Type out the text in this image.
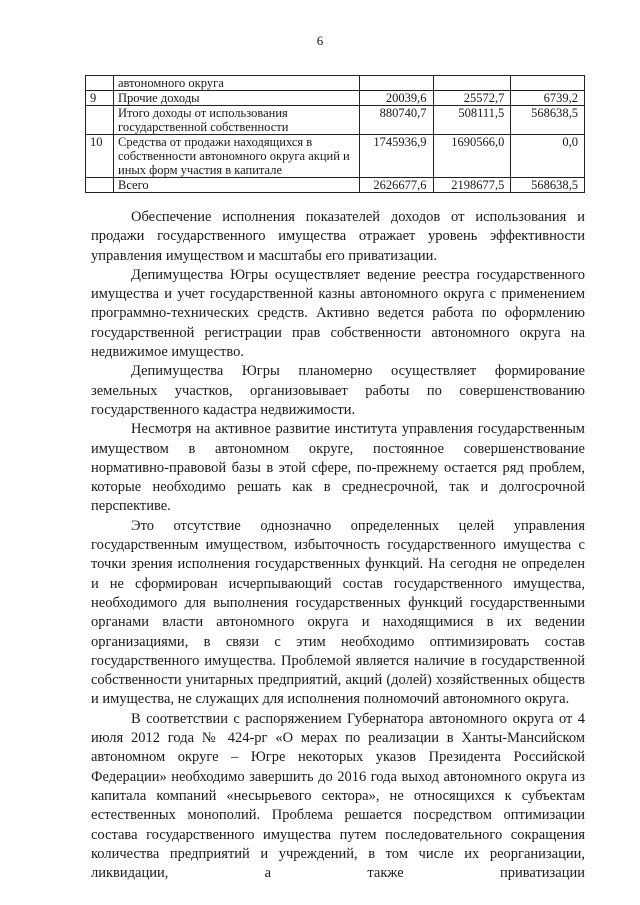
6
	автономного округа			
9	Прочие доходы	20039,6	25572,7	6739,2
	Итого доходы от использования государственной собственности	880740,7	508111,5	568638,5
10	Средства от продажи находящихся в собственности автономного округа акций и иных форм участия в капитале	1745936,9	1690566,0	0,0
	Всего	2626677,6	2198677,5	568638,5

Обеспечение исполнения показателей доходов от использования и продажи государственного имущества отражает уровень эффективности управления имуществом и масштабы его приватизации.

Депимущества Югры осуществляет ведение реестра государственного имущества и учет государственной казны автономного округа с применением программно-технических средств. Активно ведется работа по оформлению государственной регистрации прав собственности автономного округа на недвижимое имущество.

Депимущества Югры планомерно осуществляет формирование земельных участков, организовывает работы по совершенствованию государственного кадастра недвижимости.

Несмотря на активное развитие института управления государственным имуществом в автономном округе, постоянное совершенствование нормативно-правовой базы в этой сфере, по-прежнему остается ряд проблем, которые необходимо решать как в среднесрочной, так и долгосрочной перспективе.

Это отсутствие однозначно определенных целей управления государственным имуществом, избыточность государственного имущества с точки зрения исполнения государственных функций. На сегодня не определен и не сформирован исчерпывающий состав государственного имущества, необходимого для выполнения государственных функций государственными органами власти автономного округа и находящимися в их ведении организациями, в связи с этим необходимо оптимизировать состав государственного имущества. Проблемой является наличие в государственной собственности унитарных предприятий, акций (долей) хозяйственных обществ и имущества, не служащих для исполнения полномочий автономного округа.

В соответствии с распоряжением Губернатора автономного округа от 4 июля 2012 года № 424-рг «О мерах по реализации в Ханты-Мансийском автономном округе – Югре некоторых указов Президента Российской Федерации» необходимо завершить до 2016 года выход автономного округа из капитала компаний «несырьевого сектора», не относящихся к субъектам естественных монополий. Проблема решается посредством оптимизации состава государственного имущества путем последовательного сокращения количества предприятий и учреждений, в том числе их реорганизации, ликвидации, а также приватизации
